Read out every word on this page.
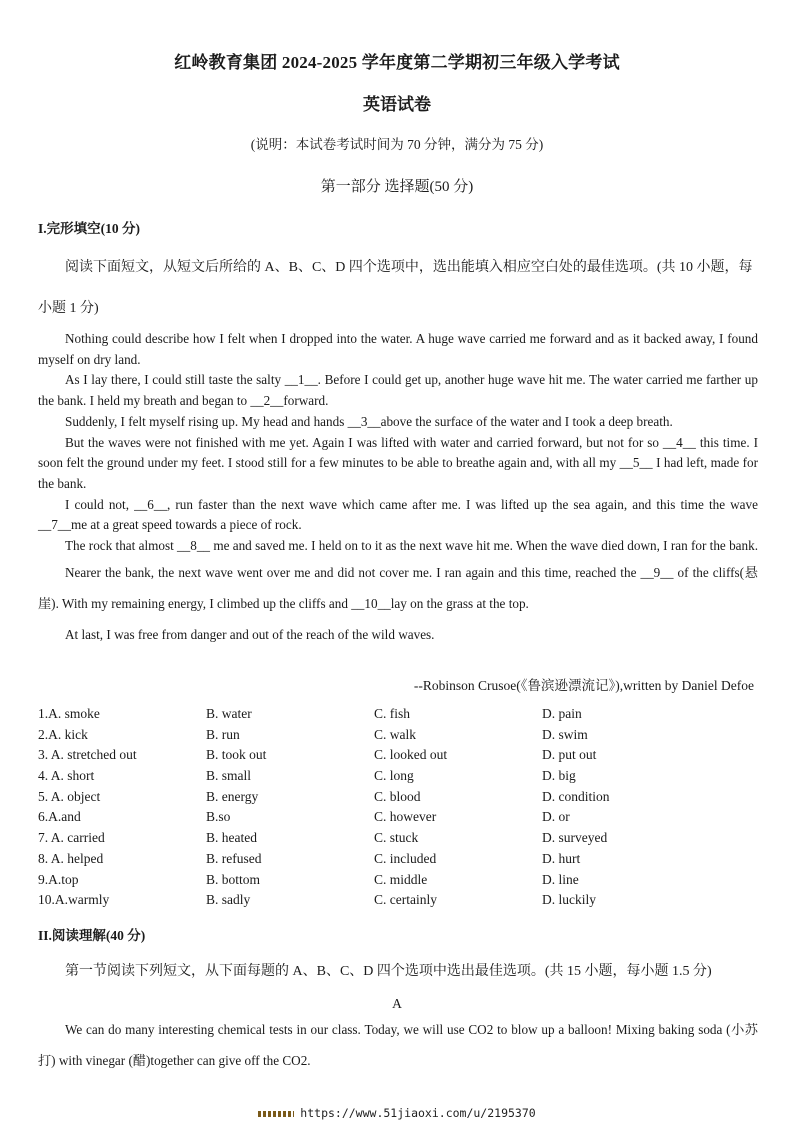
红岭教育集团 2024-2025 学年度第二学期初三年级入学考试
英语试卷
(说明：本试卷考试时间为 70 分钟，满分为 75 分)
第一部分 选择题(50 分)
I.完形填空(10 分)
阅读下面短文，从短文后所给的 A、B、C、D 四个选项中，选出能填入相应空白处的最佳选项。(共 10 小题，每小题 1 分)

Nothing could describe how I felt when I dropped into the water. A huge wave carried me forward and as it backed away, I found myself on dry land.

As I lay there, I could still taste the salty __1__. Before I could get up, another huge wave hit me. The water carried me farther up the bank. I held my breath and began to __2__forward.

Suddenly, I felt myself rising up. My head and hands __3__above the surface of the water and I took a deep breath.

But the waves were not finished with me yet. Again I was lifted with water and carried forward, but not for so __4__ this time. I soon felt the ground under my feet. I stood still for a few minutes to be able to breathe again and, with all my __5__ I had left, made for the bank.

I could not, __6__, run faster than the next wave which came after me. I was lifted up the sea again, and this time the wave __7__me at a great speed towards a piece of rock.

The rock that almost __8__ me and saved me. I held on to it as the next wave hit me. When the wave died down, I ran for the bank.

Nearer the bank, the next wave went over me and did not cover me. I ran again and this time, reached the __9__ of the cliffs(悬崖). With my remaining energy, I climbed up the cliffs and __10__lay on the grass at the top.

At last, I was free from danger and out of the reach of the wild waves.

--Robinson Crusoe(《鲁滨逊漂流记》),written by Daniel Defoe
1.A. smoke	B. water	C. fish	D. pain
2.A. kick	B. run	C. walk	D. swim
3. A. stretched out	B. took out	C. looked out	D. put out
4. A. short	B. small	C. long	D. big
5. A. object	B. energy	C. blood	D. condition
6.A.and	B.so	C. however	D. or
7. A. carried	B. heated	C. stuck	D. surveyed
8. A. helped	B. refused	C. included	D. hurt
9.A.top	B. bottom	C. middle	D. line
10.A.warmly	B. sadly	C. certainly	D. luckily
II.阅读理解(40 分)
第一节阅读下列短文，从下面每题的 A、B、C、D 四个选项中选出最佳选项。(共 15 小题，每小题 1.5 分)
A
We can do many interesting chemical tests in our class. Today, we will use CO2 to blow up a balloon! Mixing baking soda (小苏打) with vinegar (醋)together can give off the CO2.
https://www.51jiaoxi.com/u/2195370
